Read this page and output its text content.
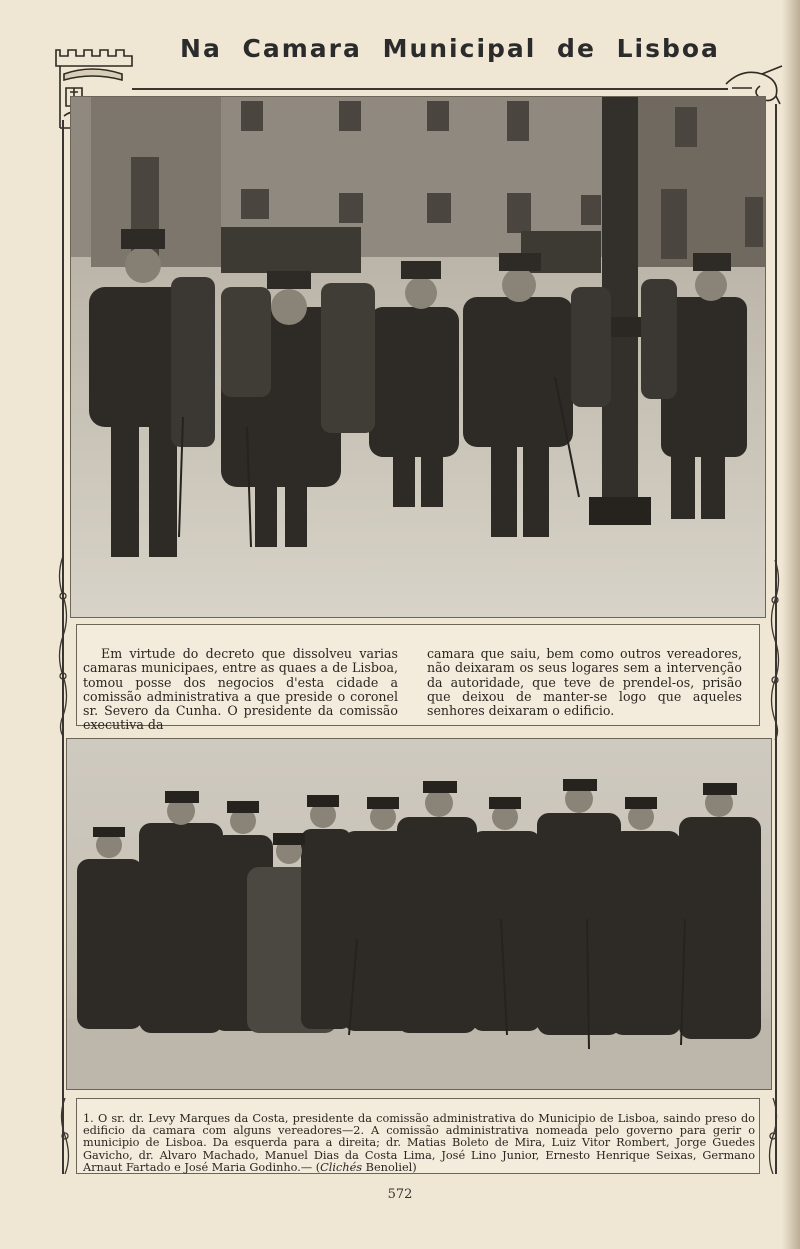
Na Camara Municipal de Lisboa

Em virtude do decreto que dissolveu varias camaras municipaes, entre as quaes a de Lisboa, tomou posse dos negocios d'esta cidade a comissão administrativa a que preside o coronel sr. Severo da Cunha. O presidente da comissão executiva da

camara que saiu, bem como outros vereadores, não deixaram os seus logares sem a intervenção da autoridade, que teve de prendel-os, prisão que deixou de manter-se logo que aqueles senhores deixaram o edificio.

1. O sr. dr. Levy Marques da Costa, presidente da comissão administrativa do Municipio de Lisboa, saindo preso do edificio da camara com alguns vereadores—2. A comissão administrativa nomeada pelo governo para gerir o municipio de Lisboa. Da esquerda para a direita; dr. Matias Boleto de Mira, Luiz Vitor Rombert, Jorge Guedes Gavicho, dr. Alvaro Machado, Manuel Dias da Costa Lima, José Lino Junior, Ernesto Henrique Seixas, Germano Arnaut Fartado e José Maria Godinho.— (Clichés Benoliel)
572
